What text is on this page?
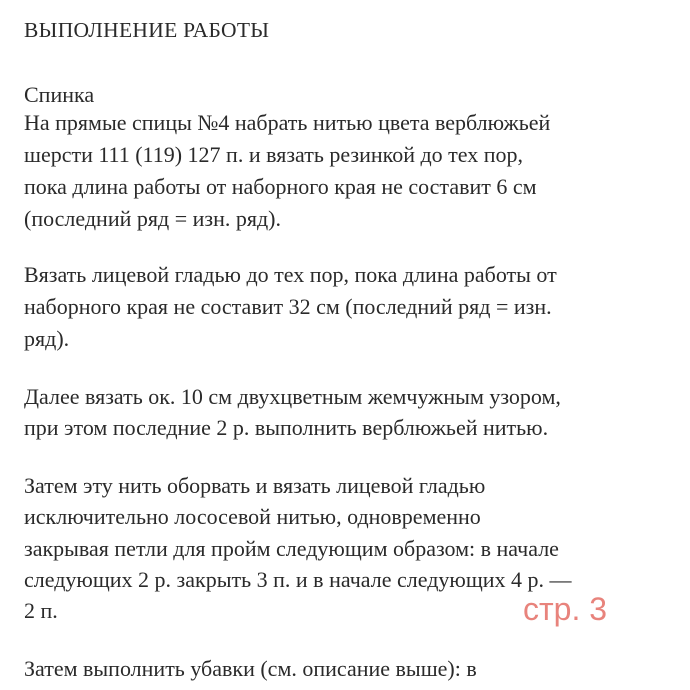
ВЫПОЛНЕНИЕ РАБОТЫ
Спинка
На прямые спицы №4 набрать нитью цвета верблюжьей
шерсти 111 (119) 127 п. и вязать резинкой до тех пор,
пока длина работы от наборного края не составит 6 см
(последний ряд = изн. ряд).
Вязать лицевой гладью до тех пор, пока длина работы от
наборного края не составит 32 см (последний ряд = изн.
ряд).
Далее вязать ок. 10 см двухцветным жемчужным узором,
при этом последние 2 р. выполнить верблюжьей нитью.
Затем эту нить оборвать и вязать лицевой гладью
исключительно лососевой нитью, одновременно
закрывая петли для пройм следующим образом: в начале
следующих 2 р. закрыть 3 п. и в начале следующих 4 р. —
2 п.
Затем выполнить убавки (см. описание выше): в
стр. 3
